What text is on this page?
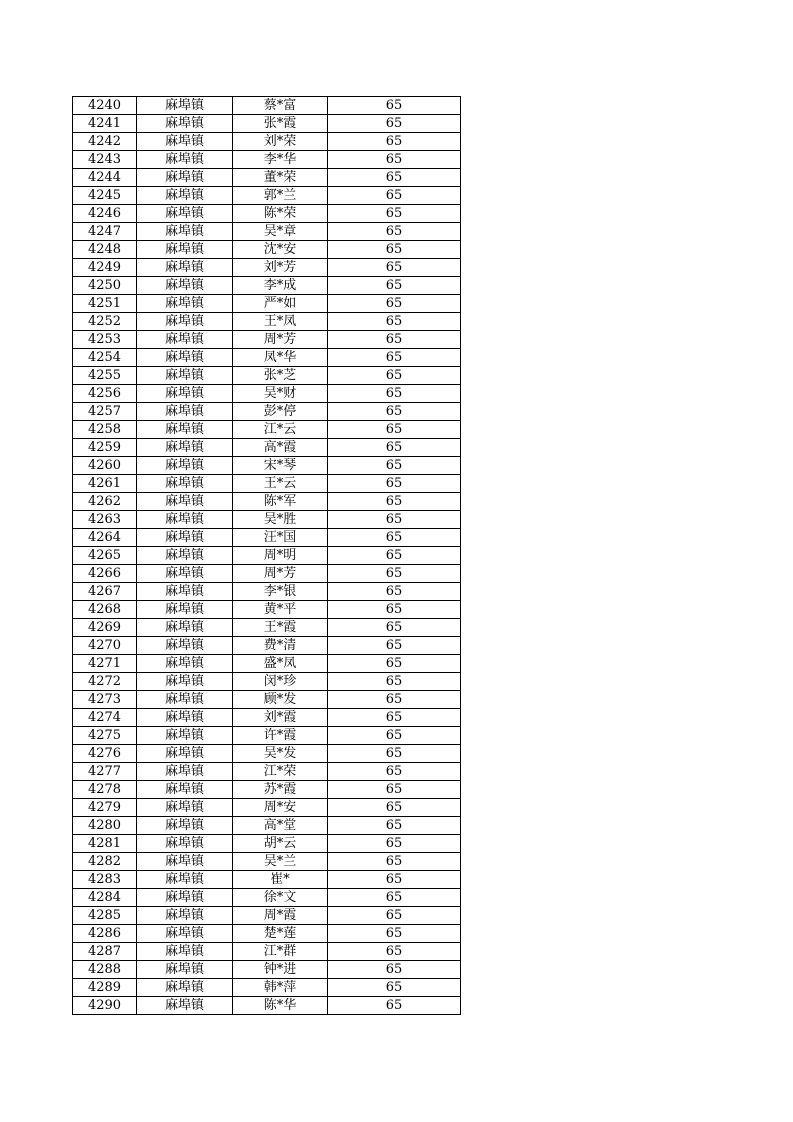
4240	麻埠镇	蔡*富	65
4241	麻埠镇	张*霞	65
4242	麻埠镇	刘*荣	65
4243	麻埠镇	李*华	65
4244	麻埠镇	董*荣	65
4245	麻埠镇	郭*兰	65
4246	麻埠镇	陈*荣	65
4247	麻埠镇	吴*章	65
4248	麻埠镇	沈*安	65
4249	麻埠镇	刘*芳	65
4250	麻埠镇	李*成	65
4251	麻埠镇	严*如	65
4252	麻埠镇	王*凤	65
4253	麻埠镇	周*芳	65
4254	麻埠镇	凤*华	65
4255	麻埠镇	张*芝	65
4256	麻埠镇	吴*财	65
4257	麻埠镇	彭*停	65
4258	麻埠镇	江*云	65
4259	麻埠镇	高*霞	65
4260	麻埠镇	宋*琴	65
4261	麻埠镇	王*云	65
4262	麻埠镇	陈*军	65
4263	麻埠镇	吴*胜	65
4264	麻埠镇	汪*国	65
4265	麻埠镇	周*明	65
4266	麻埠镇	周*芳	65
4267	麻埠镇	李*银	65
4268	麻埠镇	黄*平	65
4269	麻埠镇	王*霞	65
4270	麻埠镇	费*清	65
4271	麻埠镇	盛*凤	65
4272	麻埠镇	闵*珍	65
4273	麻埠镇	顾*发	65
4274	麻埠镇	刘*霞	65
4275	麻埠镇	许*霞	65
4276	麻埠镇	吴*发	65
4277	麻埠镇	江*荣	65
4278	麻埠镇	苏*霞	65
4279	麻埠镇	周*安	65
4280	麻埠镇	高*堂	65
4281	麻埠镇	胡*云	65
4282	麻埠镇	吴*兰	65
4283	麻埠镇	崔*	65
4284	麻埠镇	徐*文	65
4285	麻埠镇	周*霞	65
4286	麻埠镇	楚*莲	65
4287	麻埠镇	江*群	65
4288	麻埠镇	钟*进	65
4289	麻埠镇	韩*萍	65
4290	麻埠镇	陈*华	65
